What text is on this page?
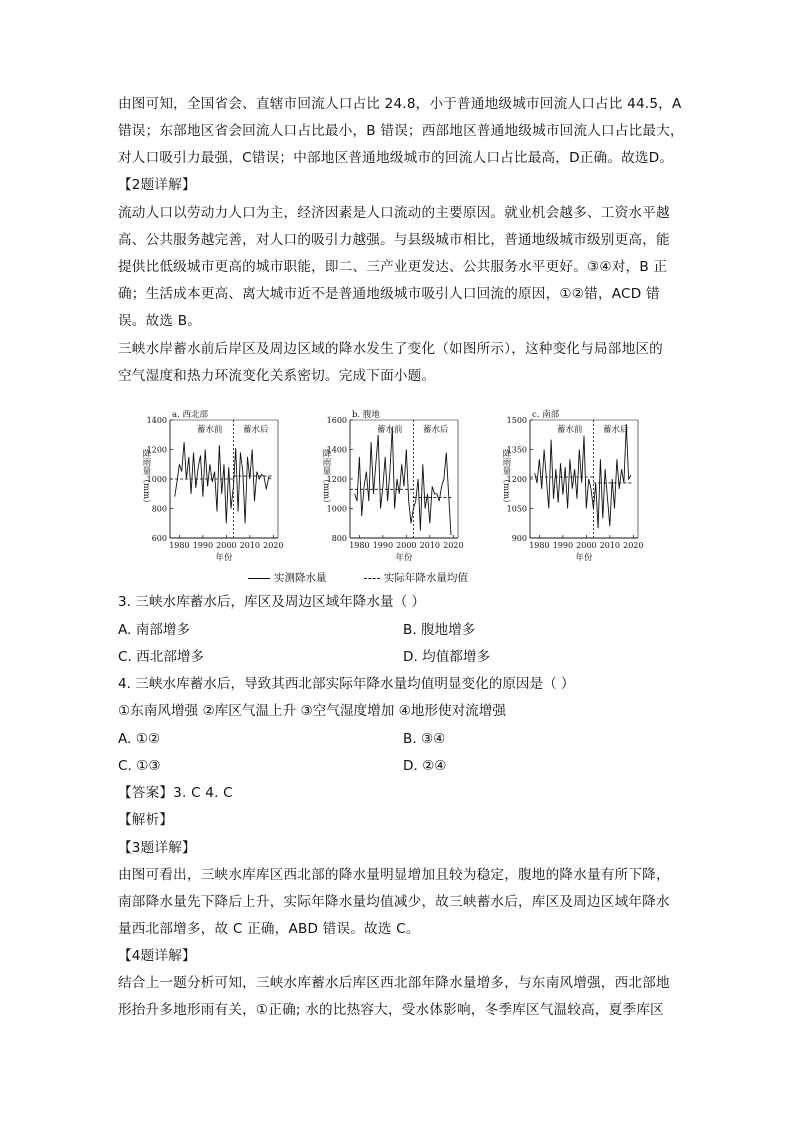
由图可知，全国省会、直辖市回流人口占比 24.8，小于普通地级城市回流人口占比 44.5，A
错误；东部地区省会回流人口占比最小，B 错误；西部地区普通地级城市回流人口占比最大，
对人口吸引力最强，C错误；中部地区普通地级城市的回流人口占比最高，D正确。故选D。
【2题详解】
流动人口以劳动力人口为主，经济因素是人口流动的主要原因。就业机会越多、工资水平越
高、公共服务越完善，对人口的吸引力越强。与县级城市相比，普通地级城市级别更高，能
提供比低级城市更高的城市职能，即二、三产业更发达、公共服务水平更好。③④对，B 正
确；生活成本更高、离大城市近不是普通地级城市吸引人口回流的原因，①②错，ACD 错
误。故选 B。
三峡水岸蓄水前后岸区及周边区域的降水发生了变化（如图所示），这种变化与局部地区的
空气湿度和热力环流变化关系密切。完成下面小题。
a. 西北部
600
800
1000
1200
1400
1980 1990 2000 2010 2020
年份
降雨量（mm）
蓄水前 蓄水后
b. 腹地
800
1000
1200
1400
1600
1980 1990 2000 2010 2020
年份
降雨量（mm）
蓄水前 蓄水后
c. 南部
900
1050
1200
1350
1500
1980 1990 2000 2010 2020
年份
降雨量（mm）
蓄水前 蓄水后
实测降水量	实际年降水量均值
3. 三峡水库蓄水后，库区及周边区域年降水量（ ）
A. 南部增多	B. 腹地增多
C. 西北部增多	D. 均值都增多
4. 三峡水库蓄水后，导致其西北部实际年降水量均值明显变化的原因是（ ）
①东南风增强 ②库区气温上升 ③空气湿度增加 ④地形使对流增强
A. ①②	B. ③④
C. ①③	D. ②④
【答案】3. C 4. C
【解析】
【3题详解】
由图可看出，三峡水库库区西北部的降水量明显增加且较为稳定，腹地的降水量有所下降，
南部降水量先下降后上升，实际年降水量均值减少，故三峡蓄水后，库区及周边区域年降水
量西北部增多，故 C 正确，ABD 错误。故选 C。
【4题详解】
结合上一题分析可知，三峡水库蓄水后库区西北部年降水量增多，与东南风增强，西北部地
形抬升多地形雨有关，①正确; 水的比热容大，受水体影响，冬季库区气温较高，夏季库区
